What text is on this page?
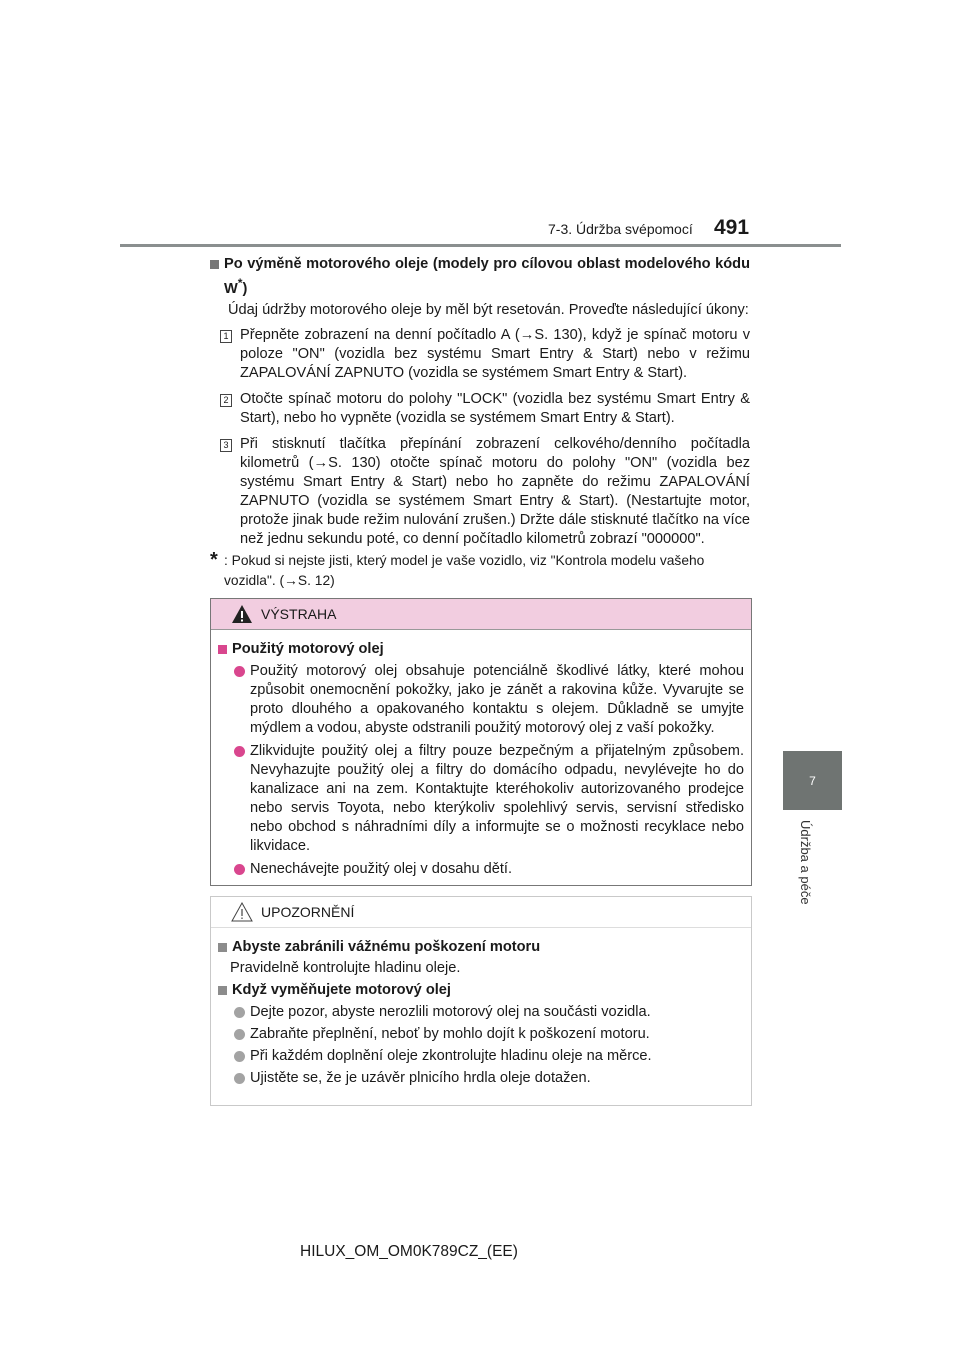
7-3. Údržba svépomocí 491
7
Údržba a péče
Po výměně motorového oleje (modely pro cílovou oblast modelového kódu W*)
Údaj údržby motorového oleje by měl být resetován. Proveďte následující úkony:
1 Přepněte zobrazení na denní počítadlo A (→S. 130), když je spínač motoru v poloze "ON" (vozidla bez systému Smart Entry & Start) nebo v režimu ZAPALOVÁNÍ ZAPNUTO (vozidla se systémem Smart Entry & Start).
2 Otočte spínač motoru do polohy "LOCK" (vozidla bez systému Smart Entry & Start), nebo ho vypněte (vozidla se systémem Smart Entry & Start).
3 Při stisknutí tlačítka přepínání zobrazení celkového/denního počítadla kilometrů (→S. 130) otočte spínač motoru do polohy "ON" (vozidla bez systému Smart Entry & Start) nebo ho zapněte do režimu ZAPALOVÁNÍ ZAPNUTO (vozidla se systémem Smart Entry & Start). (Nestartujte motor, protože jinak bude režim nulování zrušen.) Držte dále stisknuté tlačítko na více než jednu sekundu poté, co denní počítadlo kilometrů zobrazí "000000".
* : Pokud si nejste jisti, který model je vaše vozidlo, viz "Kontrola modelu vašeho vozidla". (→S. 12)
VÝSTRAHA
Použitý motorový olej
Použitý motorový olej obsahuje potenciálně škodlivé látky, které mohou způsobit onemocnění pokožky, jako je zánět a rakovina kůže. Vyvarujte se proto dlouhého a opakovaného kontaktu s olejem. Důkladně se umyjte mýdlem a vodou, abyste odstranili použitý motorový olej z vaší pokožky.
Zlikvidujte použitý olej a filtry pouze bezpečným a přijatelným způsobem. Nevyhazujte použitý olej a filtry do domácího odpadu, nevylévejte ho do kanalizace ani na zem. Kontaktujte kteréhokoliv autorizovaného prodejce nebo servis Toyota, nebo kterýkoliv spolehlivý servis, servisní středisko nebo obchod s náhradními díly a informujte se o možnosti recyklace nebo likvidace.
Nenechávejte použitý olej v dosahu dětí.
UPOZORNĚNÍ
Abyste zabránili vážnému poškození motoru
Pravidelně kontrolujte hladinu oleje.
Když vyměňujete motorový olej
Dejte pozor, abyste nerozlili motorový olej na součásti vozidla.
Zabraňte přeplnění, neboť by mohlo dojít k poškození motoru.
Při každém doplnění oleje zkontrolujte hladinu oleje na měrce.
Ujistěte se, že je uzávěr plnicího hrdla oleje dotažen.
HILUX_OM_OM0K789CZ_(EE)
